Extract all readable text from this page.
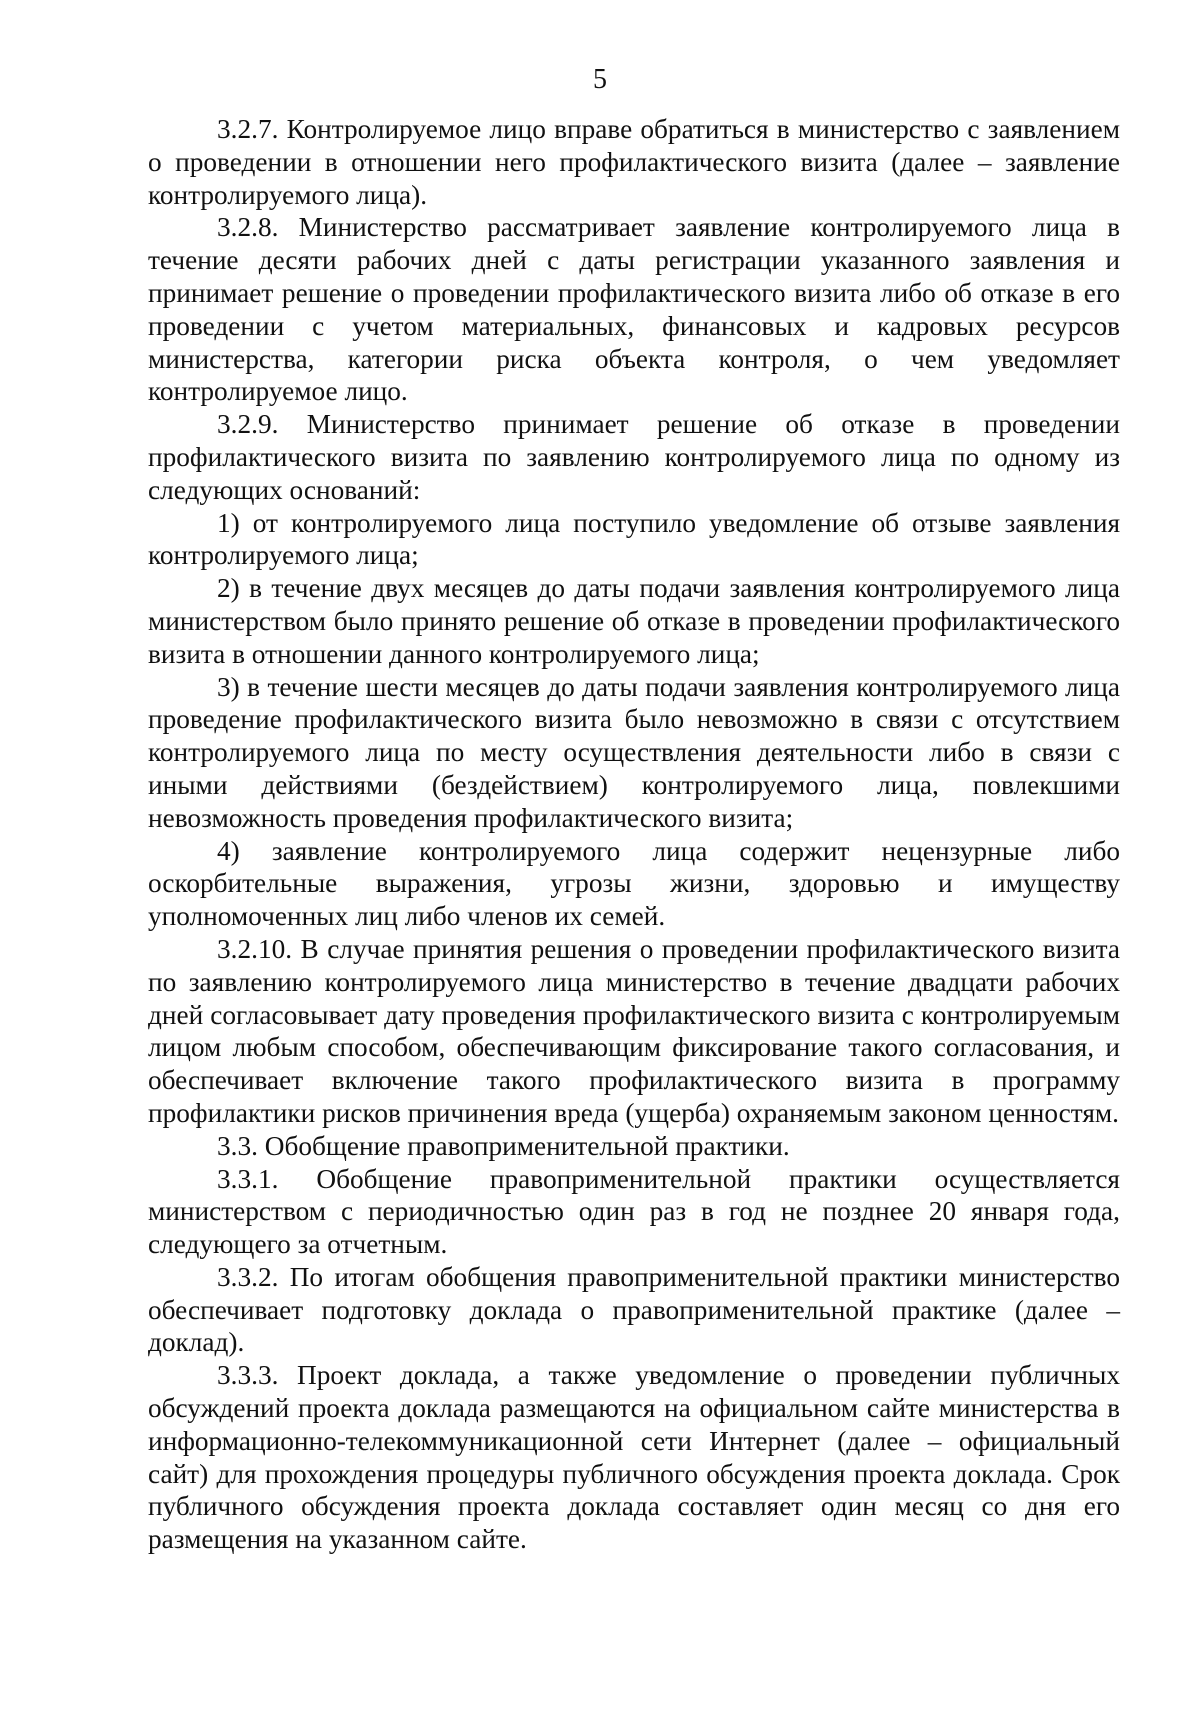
5

3.2.7. Контролируемое лицо вправе обратиться в министерство с заявлением о проведении в отношении него профилактического визита (далее – заявление контролируемого лица).

3.2.8. Министерство рассматривает заявление контролируемого лица в течение десяти рабочих дней с даты регистрации указанного заявления и принимает решение о проведении профилактического визита либо об отказе в его проведении с учетом материальных, финансовых и кадровых ресурсов министерства, категории риска объекта контроля, о чем уведомляет контролируемое лицо.

3.2.9. Министерство принимает решение об отказе в проведении профилактического визита по заявлению контролируемого лица по одному из следующих оснований:

1) от контролируемого лица поступило уведомление об отзыве заявления контролируемого лица;

2) в течение двух месяцев до даты подачи заявления контролируемого лица министерством было принято решение об отказе в проведении профилактического визита в отношении данного контролируемого лица;

3) в течение шести месяцев до даты подачи заявления контролируемого лица проведение профилактического визита было невозможно в связи с отсутствием контролируемого лица по месту осуществления деятельности либо в связи с иными действиями (бездействием) контролируемого лица, повлекшими невозможность проведения профилактического визита;

4) заявление контролируемого лица содержит нецензурные либо оскорбительные выражения, угрозы жизни, здоровью и имуществу уполномоченных лиц либо членов их семей.

3.2.10. В случае принятия решения о проведении профилактического визита по заявлению контролируемого лица министерство в течение двадцати рабочих дней согласовывает дату проведения профилактического визита с контролируемым лицом любым способом, обеспечивающим фиксирование такого согласования, и обеспечивает включение такого профилактического визита в программу профилактики рисков причинения вреда (ущерба) охраняемым законом ценностям.

3.3. Обобщение правоприменительной практики.

3.3.1. Обобщение правоприменительной практики осуществляется министерством с периодичностью один раз в год не позднее 20 января года, следующего за отчетным.

3.3.2. По итогам обобщения правоприменительной практики министерство обеспечивает подготовку доклада о правоприменительной практике (далее – доклад).

3.3.3. Проект доклада, а также уведомление о проведении публичных обсуждений проекта доклада размещаются на официальном сайте министерства в информационно-телекоммуникационной сети Интернет (далее – официальный сайт) для прохождения процедуры публичного обсуждения проекта доклада. Срок публичного обсуждения проекта доклада составляет один месяц со дня его размещения на указанном сайте.
